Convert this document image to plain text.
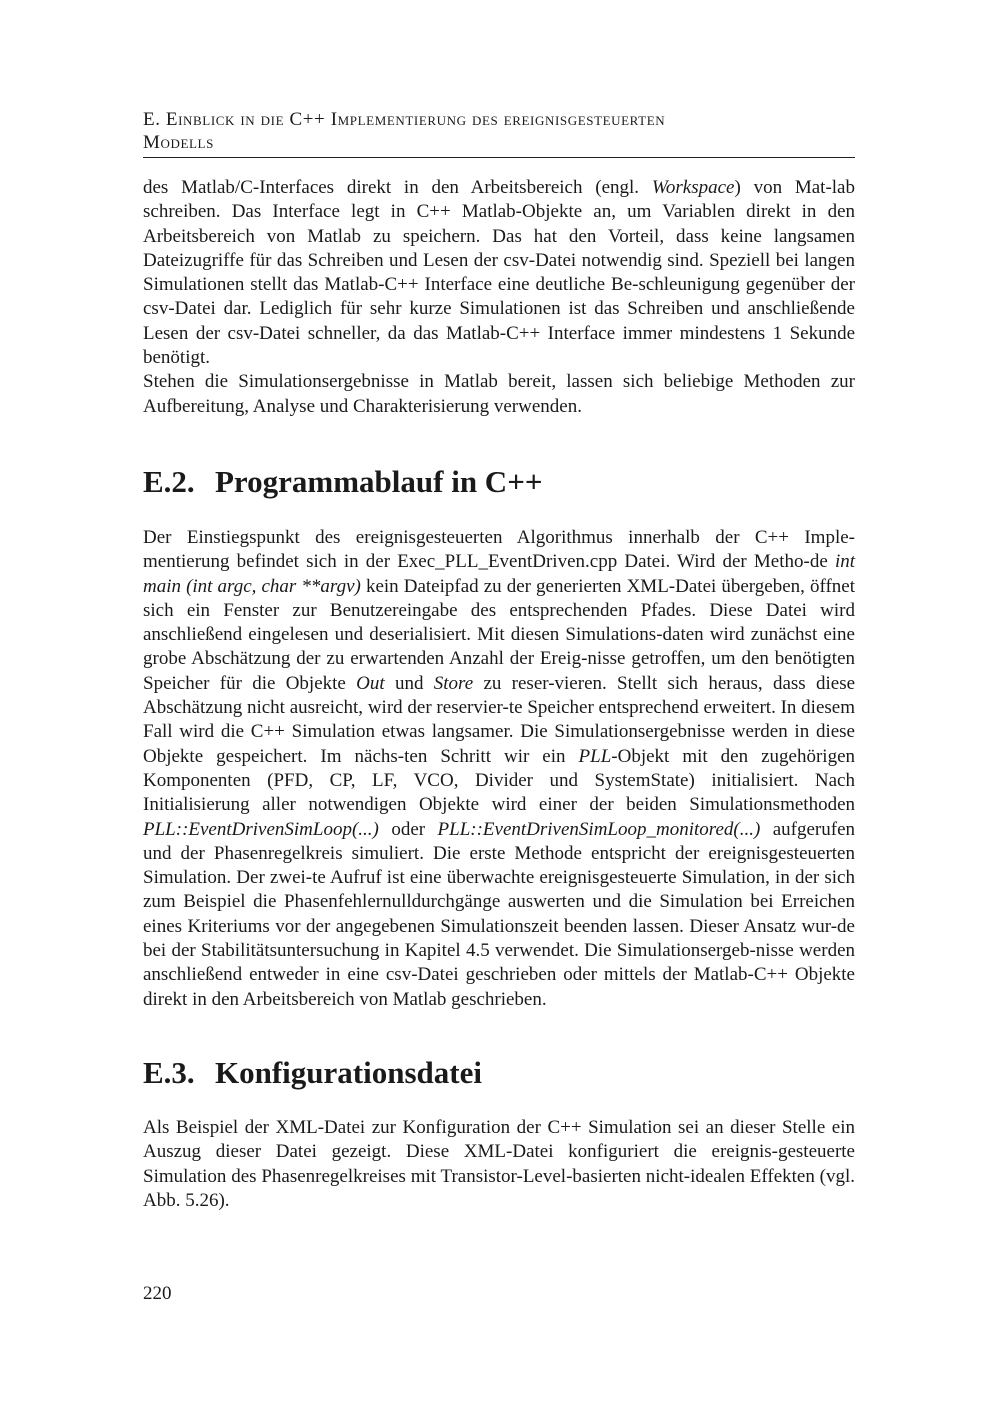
E. Einblick in die C++ Implementierung des ereignisgesteuerten
Modells

des Matlab/C-Interfaces direkt in den Arbeitsbereich (engl. Workspace) von Mat-lab schreiben. Das Interface legt in C++ Matlab-Objekte an, um Variablen direkt in den Arbeitsbereich von Matlab zu speichern. Das hat den Vorteil, dass keine langsamen Dateizugriffe für das Schreiben und Lesen der csv-Datei notwendig sind. Speziell bei langen Simulationen stellt das Matlab-C++ Interface eine deutliche Be-schleunigung gegenüber der csv-Datei dar. Lediglich für sehr kurze Simulationen ist das Schreiben und anschließende Lesen der csv-Datei schneller, da das Matlab-C++ Interface immer mindestens 1 Sekunde benötigt.

Stehen die Simulationsergebnisse in Matlab bereit, lassen sich beliebige Methoden zur Aufbereitung, Analyse und Charakterisierung verwenden.

E.2. Programmablauf in C++

Der Einstiegspunkt des ereignisgesteuerten Algorithmus innerhalb der C++ Imple-mentierung befindet sich in der Exec_PLL_EventDriven.cpp Datei. Wird der Metho-de int main (int argc, char **argv) kein Dateipfad zu der generierten XML-Datei übergeben, öffnet sich ein Fenster zur Benutzereingabe des entsprechenden Pfades. Diese Datei wird anschließend eingelesen und deserialisiert. Mit diesen Simulations-daten wird zunächst eine grobe Abschätzung der zu erwartenden Anzahl der Ereig-nisse getroffen, um den benötigten Speicher für die Objekte Out und Store zu reser-vieren. Stellt sich heraus, dass diese Abschätzung nicht ausreicht, wird der reservier-te Speicher entsprechend erweitert. In diesem Fall wird die C++ Simulation etwas langsamer. Die Simulationsergebnisse werden in diese Objekte gespeichert. Im nächs-ten Schritt wir ein PLL-Objekt mit den zugehörigen Komponenten (PFD, CP, LF, VCO, Divider und SystemState) initialisiert. Nach Initialisierung aller notwendigen Objekte wird einer der beiden Simulationsmethoden PLL::EventDrivenSimLoop(...) oder PLL::EventDrivenSimLoop_monitored(...) aufgerufen und der Phasenregelkreis simuliert. Die erste Methode entspricht der ereignisgesteuerten Simulation. Der zwei-te Aufruf ist eine überwachte ereignisgesteuerte Simulation, in der sich zum Beispiel die Phasenfehlernulldurchgänge auswerten und die Simulation bei Erreichen eines Kriteriums vor der angegebenen Simulationszeit beenden lassen. Dieser Ansatz wur-de bei der Stabilitätsuntersuchung in Kapitel 4.5 verwendet. Die Simulationsergeb-nisse werden anschließend entweder in eine csv-Datei geschrieben oder mittels der Matlab-C++ Objekte direkt in den Arbeitsbereich von Matlab geschrieben.

E.3. Konfigurationsdatei

Als Beispiel der XML-Datei zur Konfiguration der C++ Simulation sei an dieser Stelle ein Auszug dieser Datei gezeigt. Diese XML-Datei konfiguriert die ereignis-gesteuerte Simulation des Phasenregelkreises mit Transistor-Level-basierten nicht-idealen Effekten (vgl. Abb. 5.26).

220
